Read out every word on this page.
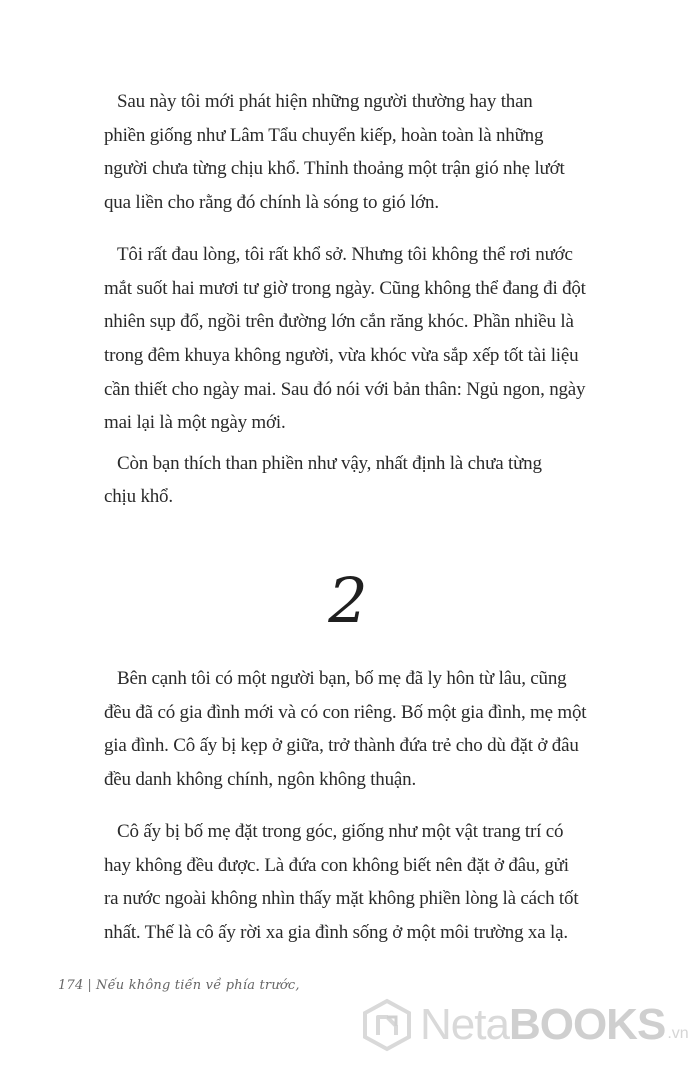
Sau này tôi mới phát hiện những người thường hay than
phiền giống như Lâm Tẩu chuyển kiếp, hoàn toàn là những
người chưa từng chịu khổ. Thỉnh thoảng một trận gió nhẹ lướt
qua liền cho rằng đó chính là sóng to gió lớn.
Tôi rất đau lòng, tôi rất khổ sở. Nhưng tôi không thể rơi nước
mắt suốt hai mươi tư giờ trong ngày. Cũng không thể đang đi đột
nhiên sụp đổ, ngồi trên đường lớn cắn răng khóc. Phần nhiều là
trong đêm khuya không người, vừa khóc vừa sắp xếp tốt tài liệu
cần thiết cho ngày mai. Sau đó nói với bản thân: Ngủ ngon, ngày
mai lại là một ngày mới.
Còn bạn thích than phiền như vậy, nhất định là chưa từng
chịu khổ.
2
Bên cạnh tôi có một người bạn, bố mẹ đã ly hôn từ lâu, cũng
đều đã có gia đình mới và có con riêng. Bố một gia đình, mẹ một
gia đình. Cô ấy bị kẹp ở giữa, trở thành đứa trẻ cho dù đặt ở đâu
đều danh không chính, ngôn không thuận.
Cô ấy bị bố mẹ đặt trong góc, giống như một vật trang trí có
hay không đều được. Là đứa con không biết nên đặt ở đâu, gửi
ra nước ngoài không nhìn thấy mặt không phiền lòng là cách tốt
nhất. Thế là cô ấy rời xa gia đình sống ở một môi trường xa lạ.
174 | Nếu không tiến về phía trước,
NetaBOOKS .vn
